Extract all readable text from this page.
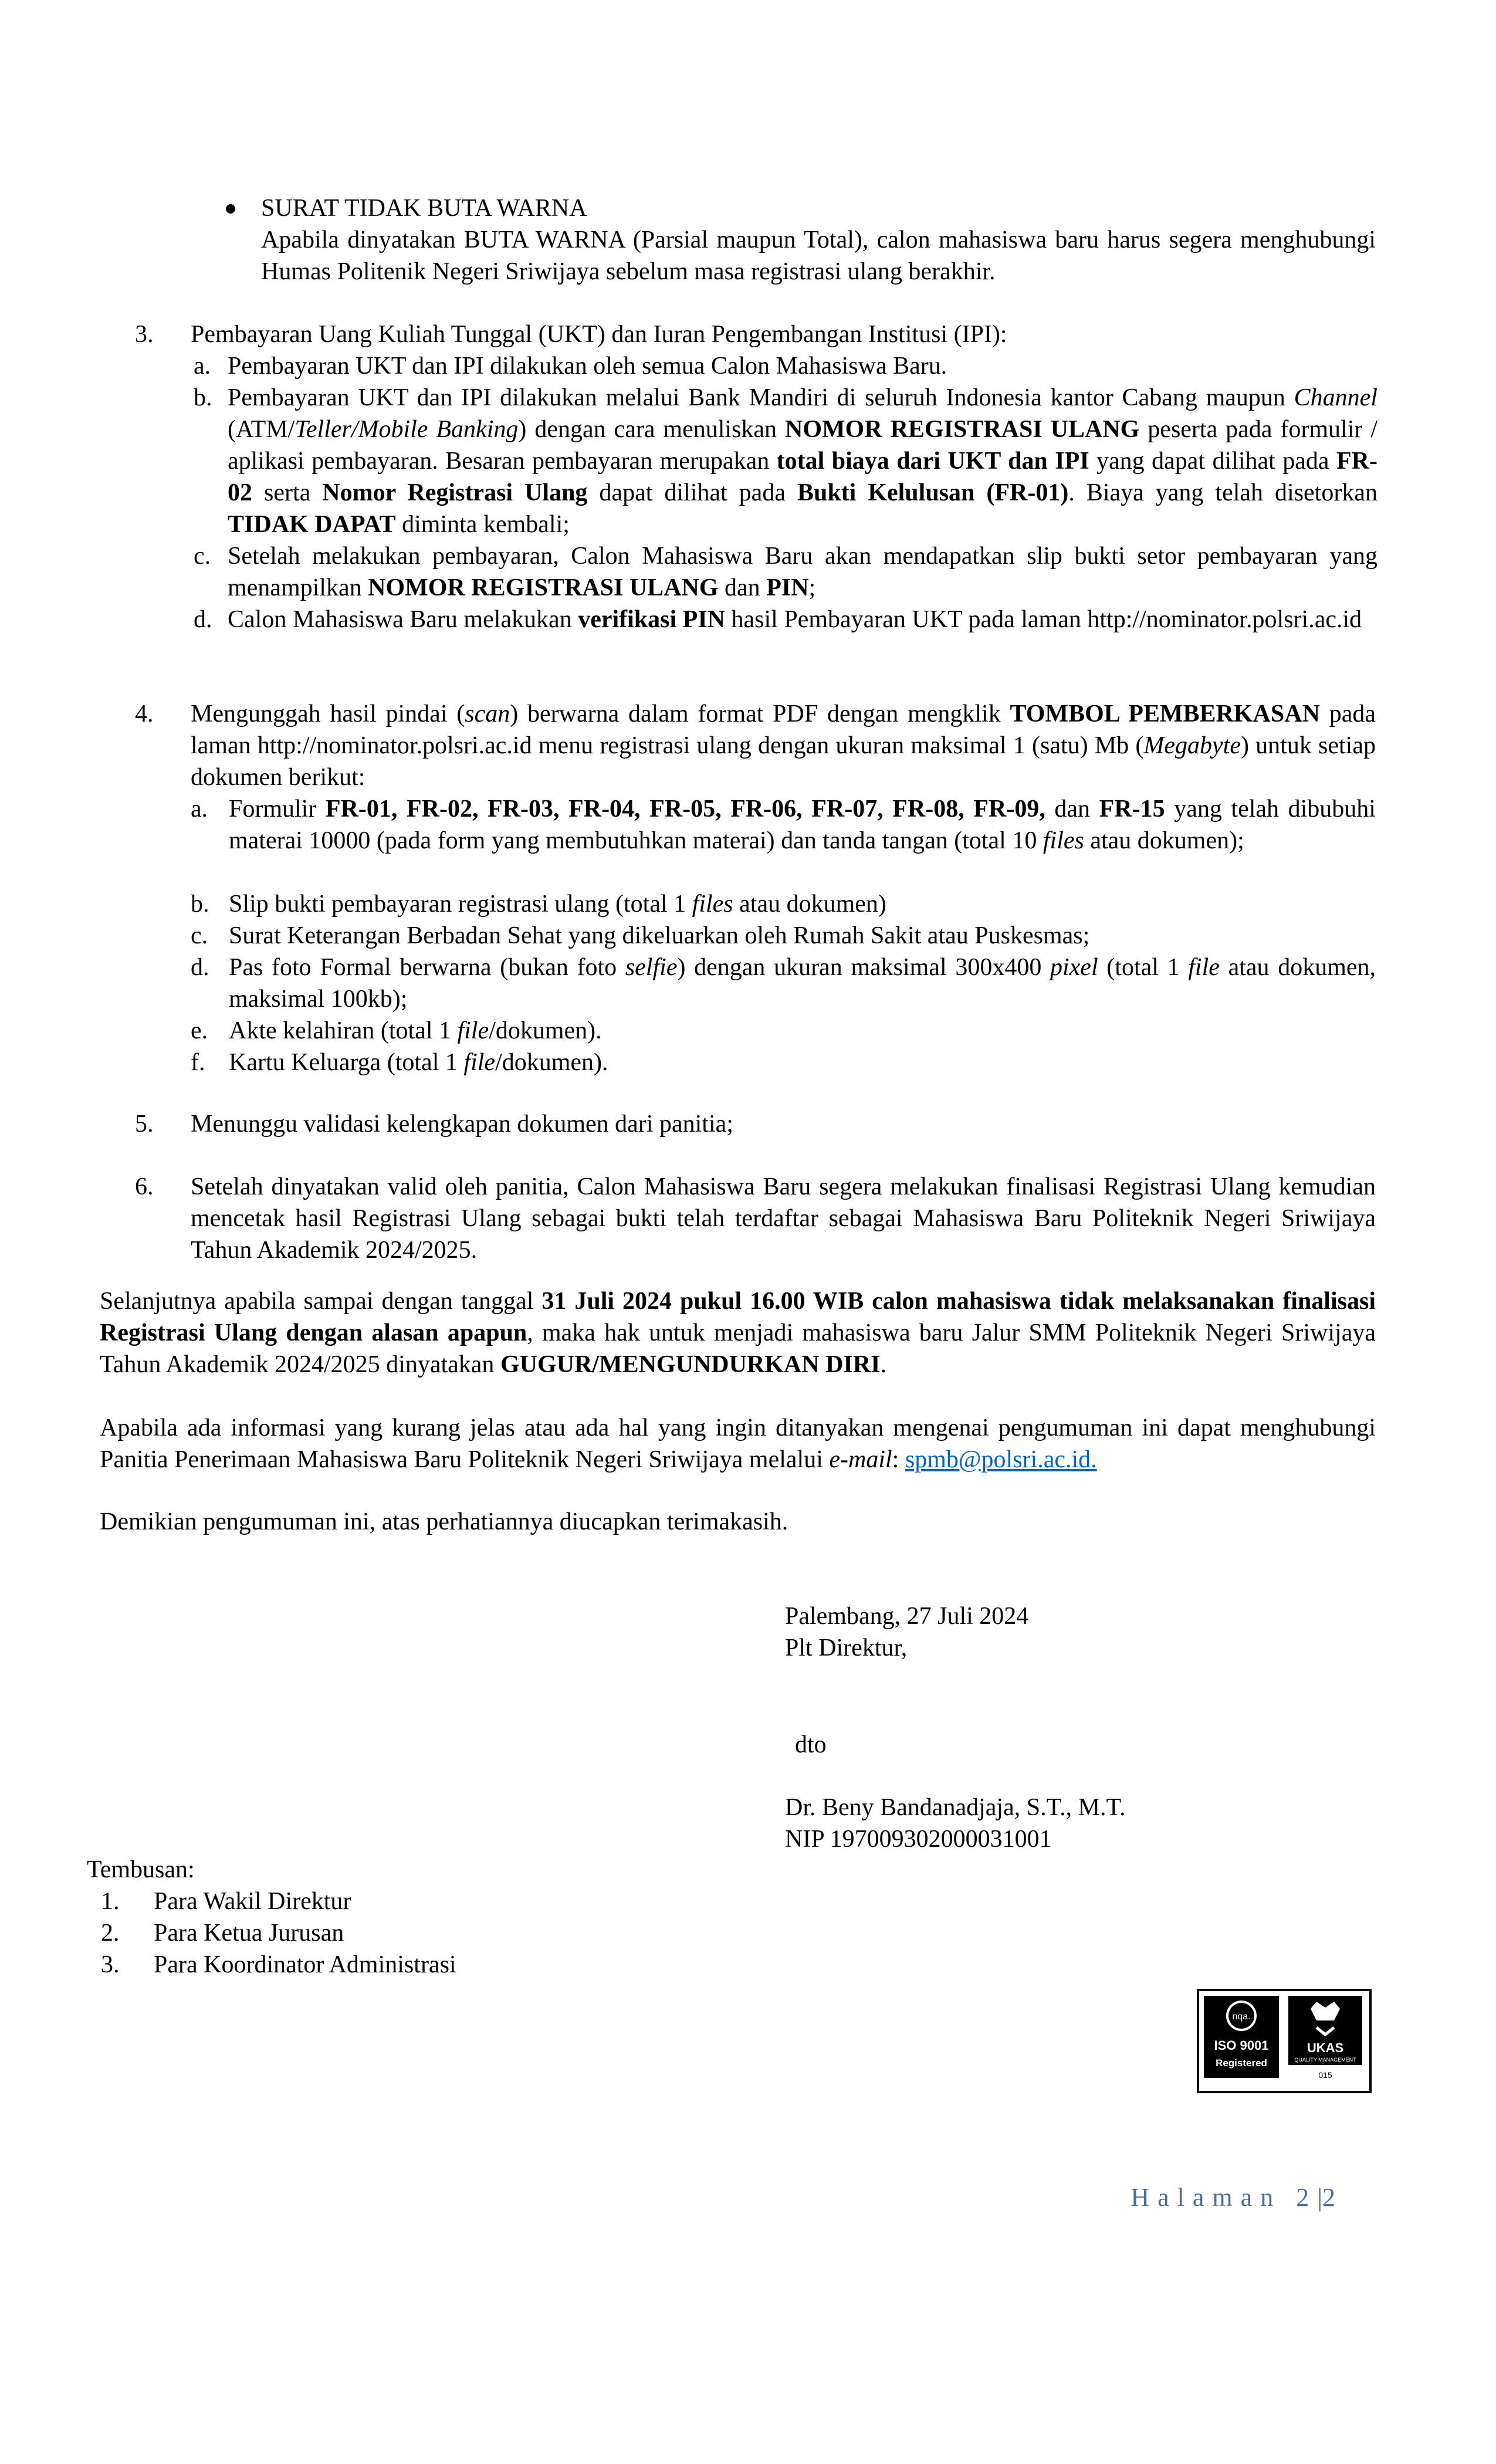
SURAT TIDAK BUTA WARNA
Apabila dinyatakan BUTA WARNA (Parsial maupun Total), calon mahasiswa baru harus segera menghubungi Humas Politenik Negeri Sriwijaya sebelum masa registrasi ulang berakhir.
3. Pembayaran Uang Kuliah Tunggal (UKT) dan Iuran Pengembangan Institusi (IPI):
a. Pembayaran UKT dan IPI dilakukan oleh semua Calon Mahasiswa Baru.
b. Pembayaran UKT dan IPI dilakukan melalui Bank Mandiri di seluruh Indonesia kantor Cabang maupun Channel (ATM/Teller/Mobile Banking) dengan cara menuliskan NOMOR REGISTRASI ULANG peserta pada formulir / aplikasi pembayaran. Besaran pembayaran merupakan total biaya dari UKT dan IPI yang dapat dilihat pada FR-02 serta Nomor Registrasi Ulang dapat dilihat pada Bukti Kelulusan (FR-01). Biaya yang telah disetorkan TIDAK DAPAT diminta kembali;
c. Setelah melakukan pembayaran, Calon Mahasiswa Baru akan mendapatkan slip bukti setor pembayaran yang menampilkan NOMOR REGISTRASI ULANG dan PIN;
d. Calon Mahasiswa Baru melakukan verifikasi PIN hasil Pembayaran UKT pada laman http://nominator.polsri.ac.id
4. Mengunggah hasil pindai (scan) berwarna dalam format PDF dengan mengklik TOMBOL PEMBERKASAN pada laman http://nominator.polsri.ac.id menu registrasi ulang dengan ukuran maksimal 1 (satu) Mb (Megabyte) untuk setiap dokumen berikut:
a. Formulir FR-01, FR-02, FR-03, FR-04, FR-05, FR-06, FR-07, FR-08, FR-09, dan FR-15 yang telah dibubuhi materai 10000 (pada form yang membutuhkan materai) dan tanda tangan (total 10 files atau dokumen);
b. Slip bukti pembayaran registrasi ulang (total 1 files atau dokumen)
c. Surat Keterangan Berbadan Sehat yang dikeluarkan oleh Rumah Sakit atau Puskesmas;
d. Pas foto Formal berwarna (bukan foto selfie) dengan ukuran maksimal 300x400 pixel (total 1 file atau dokumen, maksimal 100kb);
e. Akte kelahiran (total 1 file/dokumen).
f. Kartu Keluarga (total 1 file/dokumen).
5. Menunggu validasi kelengkapan dokumen dari panitia;
6. Setelah dinyatakan valid oleh panitia, Calon Mahasiswa Baru segera melakukan finalisasi Registrasi Ulang kemudian mencetak hasil Registrasi Ulang sebagai bukti telah terdaftar sebagai Mahasiswa Baru Politeknik Negeri Sriwijaya Tahun Akademik 2024/2025.
Selanjutnya apabila sampai dengan tanggal 31 Juli 2024 pukul 16.00 WIB calon mahasiswa tidak melaksanakan finalisasi Registrasi Ulang dengan alasan apapun, maka hak untuk menjadi mahasiswa baru Jalur SMM Politeknik Negeri Sriwijaya Tahun Akademik 2024/2025 dinyatakan GUGUR/MENGUNDURKAN DIRI.
Apabila ada informasi yang kurang jelas atau ada hal yang ingin ditanyakan mengenai pengumuman ini dapat menghubungi Panitia Penerimaan Mahasiswa Baru Politeknik Negeri Sriwijaya melalui e-mail: spmb@polsri.ac.id.
Demikian pengumuman ini, atas perhatiannya diucapkan terimakasih.
Palembang, 27 Juli 2024
Plt Direktur,
dto
Dr. Beny Bandanadjaja, S.T., M.T.
NIP 197009302000031001
Tembusan:
1. Para Wakil Direktur
2. Para Ketua Jurusan
3. Para Koordinator Administrasi
nqa.
ISO 9001
Registered
UKAS
QUALITY MANAGEMENT
015
Halaman 2|2
